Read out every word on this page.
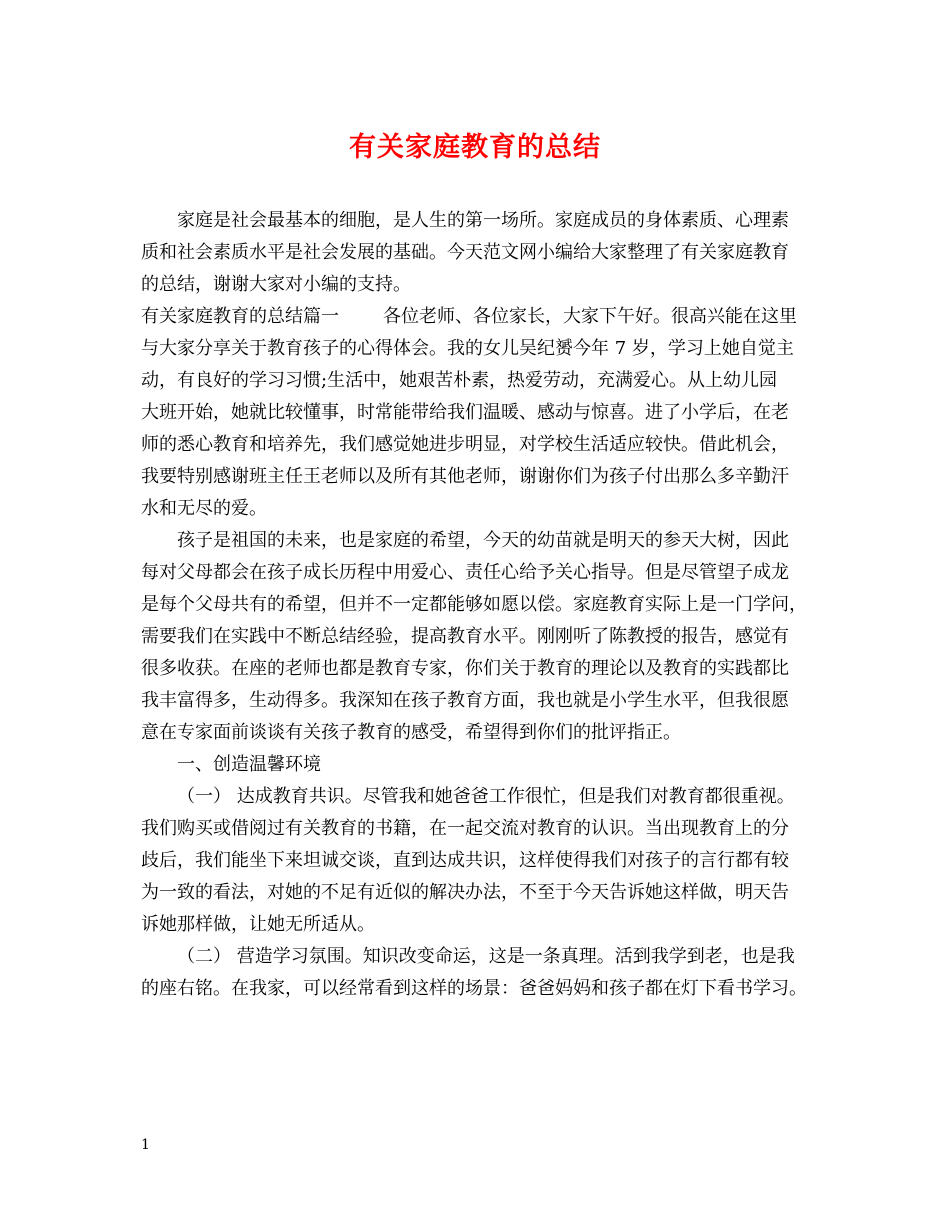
有关家庭教育的总结
家庭是社会最基本的细胞，是人生的第一场所。家庭成员的身体素质、心理素
质和社会素质水平是社会发展的基础。今天范文网小编给大家整理了有关家庭教育
的总结，谢谢大家对小编的支持。
有关家庭教育的总结篇一 各位老师、各位家长，大家下午好。很高兴能在这里
与大家分享关于教育孩子的心得体会。我的女儿吴纪赟今年 7 岁，学习上她自觉主
动，有良好的学习习惯;生活中，她艰苦朴素，热爱劳动，充满爱心。从上幼儿园
大班开始，她就比较懂事，时常能带给我们温暖、感动与惊喜。进了小学后，在老
师的悉心教育和培养先，我们感觉她进步明显，对学校生活适应较快。借此机会，
我要特别感谢班主任王老师以及所有其他老师，谢谢你们为孩子付出那么多辛勤汗
水和无尽的爱。
孩子是祖国的未来，也是家庭的希望，今天的幼苗就是明天的参天大树，因此
每对父母都会在孩子成长历程中用爱心、责任心给予关心指导。但是尽管望子成龙
是每个父母共有的希望，但并不一定都能够如愿以偿。家庭教育实际上是一门学问，
需要我们在实践中不断总结经验，提高教育水平。刚刚听了陈教授的报告，感觉有
很多收获。在座的老师也都是教育专家，你们关于教育的理论以及教育的实践都比
我丰富得多，生动得多。我深知在孩子教育方面，我也就是小学生水平，但我很愿
意在专家面前谈谈有关孩子教育的感受，希望得到你们的批评指正。
一、创造温馨环境
（一） 达成教育共识。尽管我和她爸爸工作很忙，但是我们对教育都很重视。
我们购买或借阅过有关教育的书籍，在一起交流对教育的认识。当出现教育上的分
歧后，我们能坐下来坦诚交谈，直到达成共识，这样使得我们对孩子的言行都有较
为一致的看法，对她的不足有近似的解决办法，不至于今天告诉她这样做，明天告
诉她那样做，让她无所适从。
（二） 营造学习氛围。知识改变命运，这是一条真理。活到我学到老，也是我
的座右铭。在我家，可以经常看到这样的场景：爸爸妈妈和孩子都在灯下看书学习。
1
